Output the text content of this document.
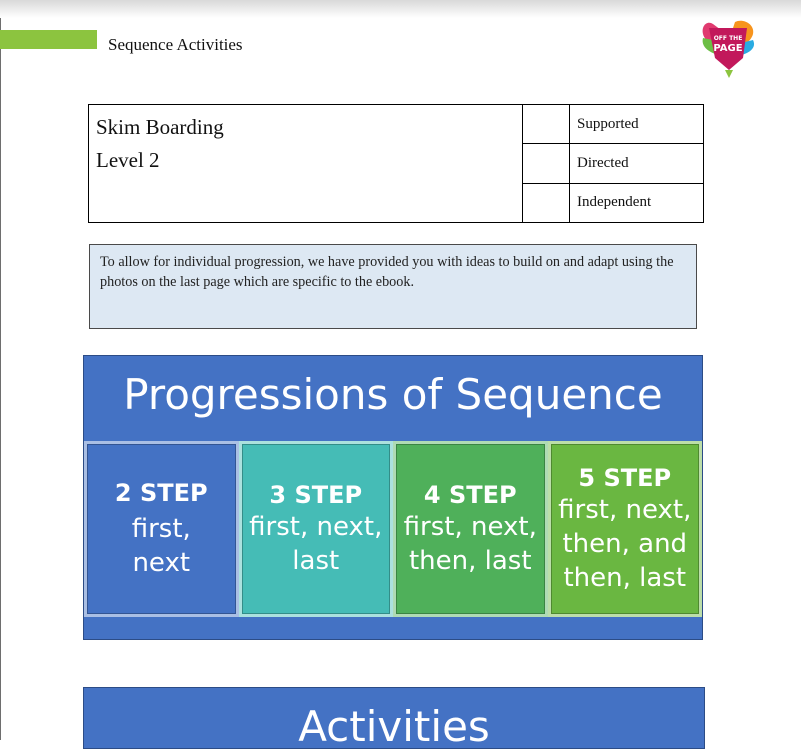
Sequence Activities	OFF THE
PAGE
Skim Boarding
Level 2		Supported
		Directed
		Independent
To allow for individual progression, we have provided you with ideas to build on and adapt using the photos on the last page which are specific to the ebook.
Progressions of Sequence
2 STEP
first, next
3 STEP
first, next, last
4 STEP
first, next, then, last
5 STEP
first, next, then, and then, last
Activities
